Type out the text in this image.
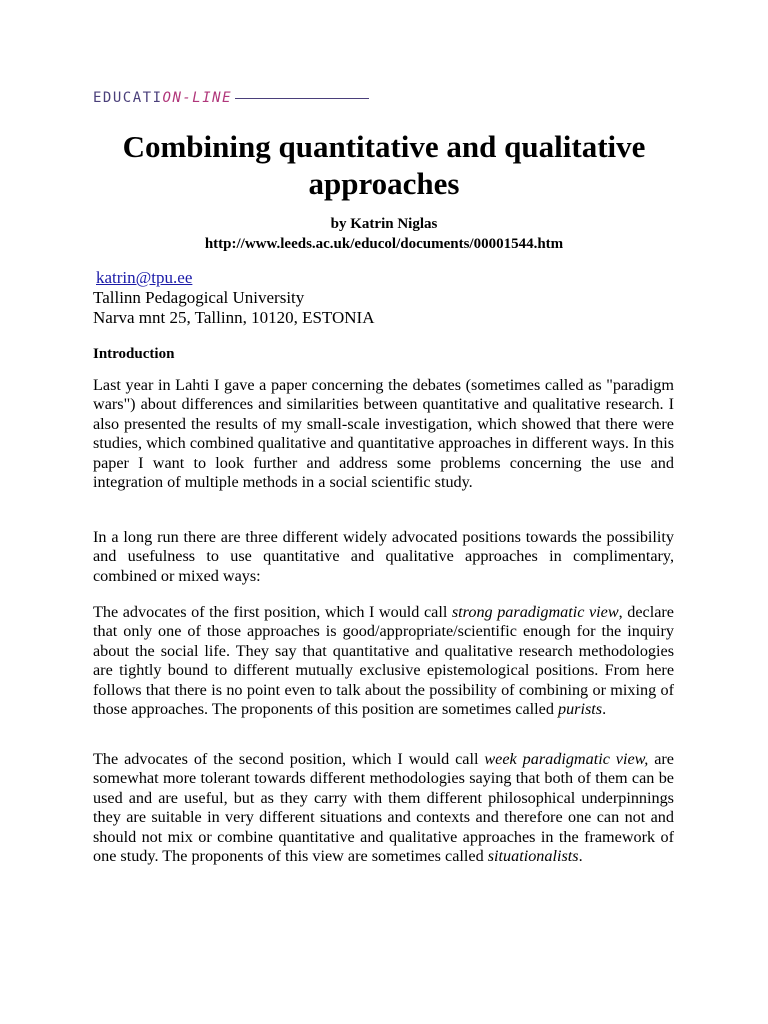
EDUCATI ON-LINE
Combining quantitative and qualitative
approaches
by Katrin Niglas
http://www.leeds.ac.uk/educol/documents/00001544.htm
katrin@tpu.ee
Tallinn Pedagogical University
Narva mnt 25, Tallinn, 10120, ESTONIA
Introduction

Last year in Lahti I gave a paper concerning the debates (sometimes called as "paradigm wars") about differences and similarities between quantitative and qualitative research. I also presented the results of my small-scale investigation, which showed that there were studies, which combined qualitative and quantitative approaches in different ways. In this paper I want to look further and address some problems concerning the use and integration of multiple methods in a social scientific study.

In a long run there are three different widely advocated positions towards the possibility and usefulness to use quantitative and qualitative approaches in complimentary, combined or mixed ways:

The advocates of the first position, which I would call strong paradigmatic view, declare that only one of those approaches is good/appropriate/scientific enough for the inquiry about the social life. They say that quantitative and qualitative research methodologies are tightly bound to different mutually exclusive epistemological positions. From here follows that there is no point even to talk about the possibility of combining or mixing of those approaches. The proponents of this position are sometimes called purists.

The advocates of the second position, which I would call week paradigmatic view, are somewhat more tolerant towards different methodologies saying that both of them can be used and are useful, but as they carry with them different philosophical underpinnings they are suitable in very different situations and contexts and therefore one can not and should not mix or combine quantitative and qualitative approaches in the framework of one study. The proponents of this view are sometimes called situationalists.
